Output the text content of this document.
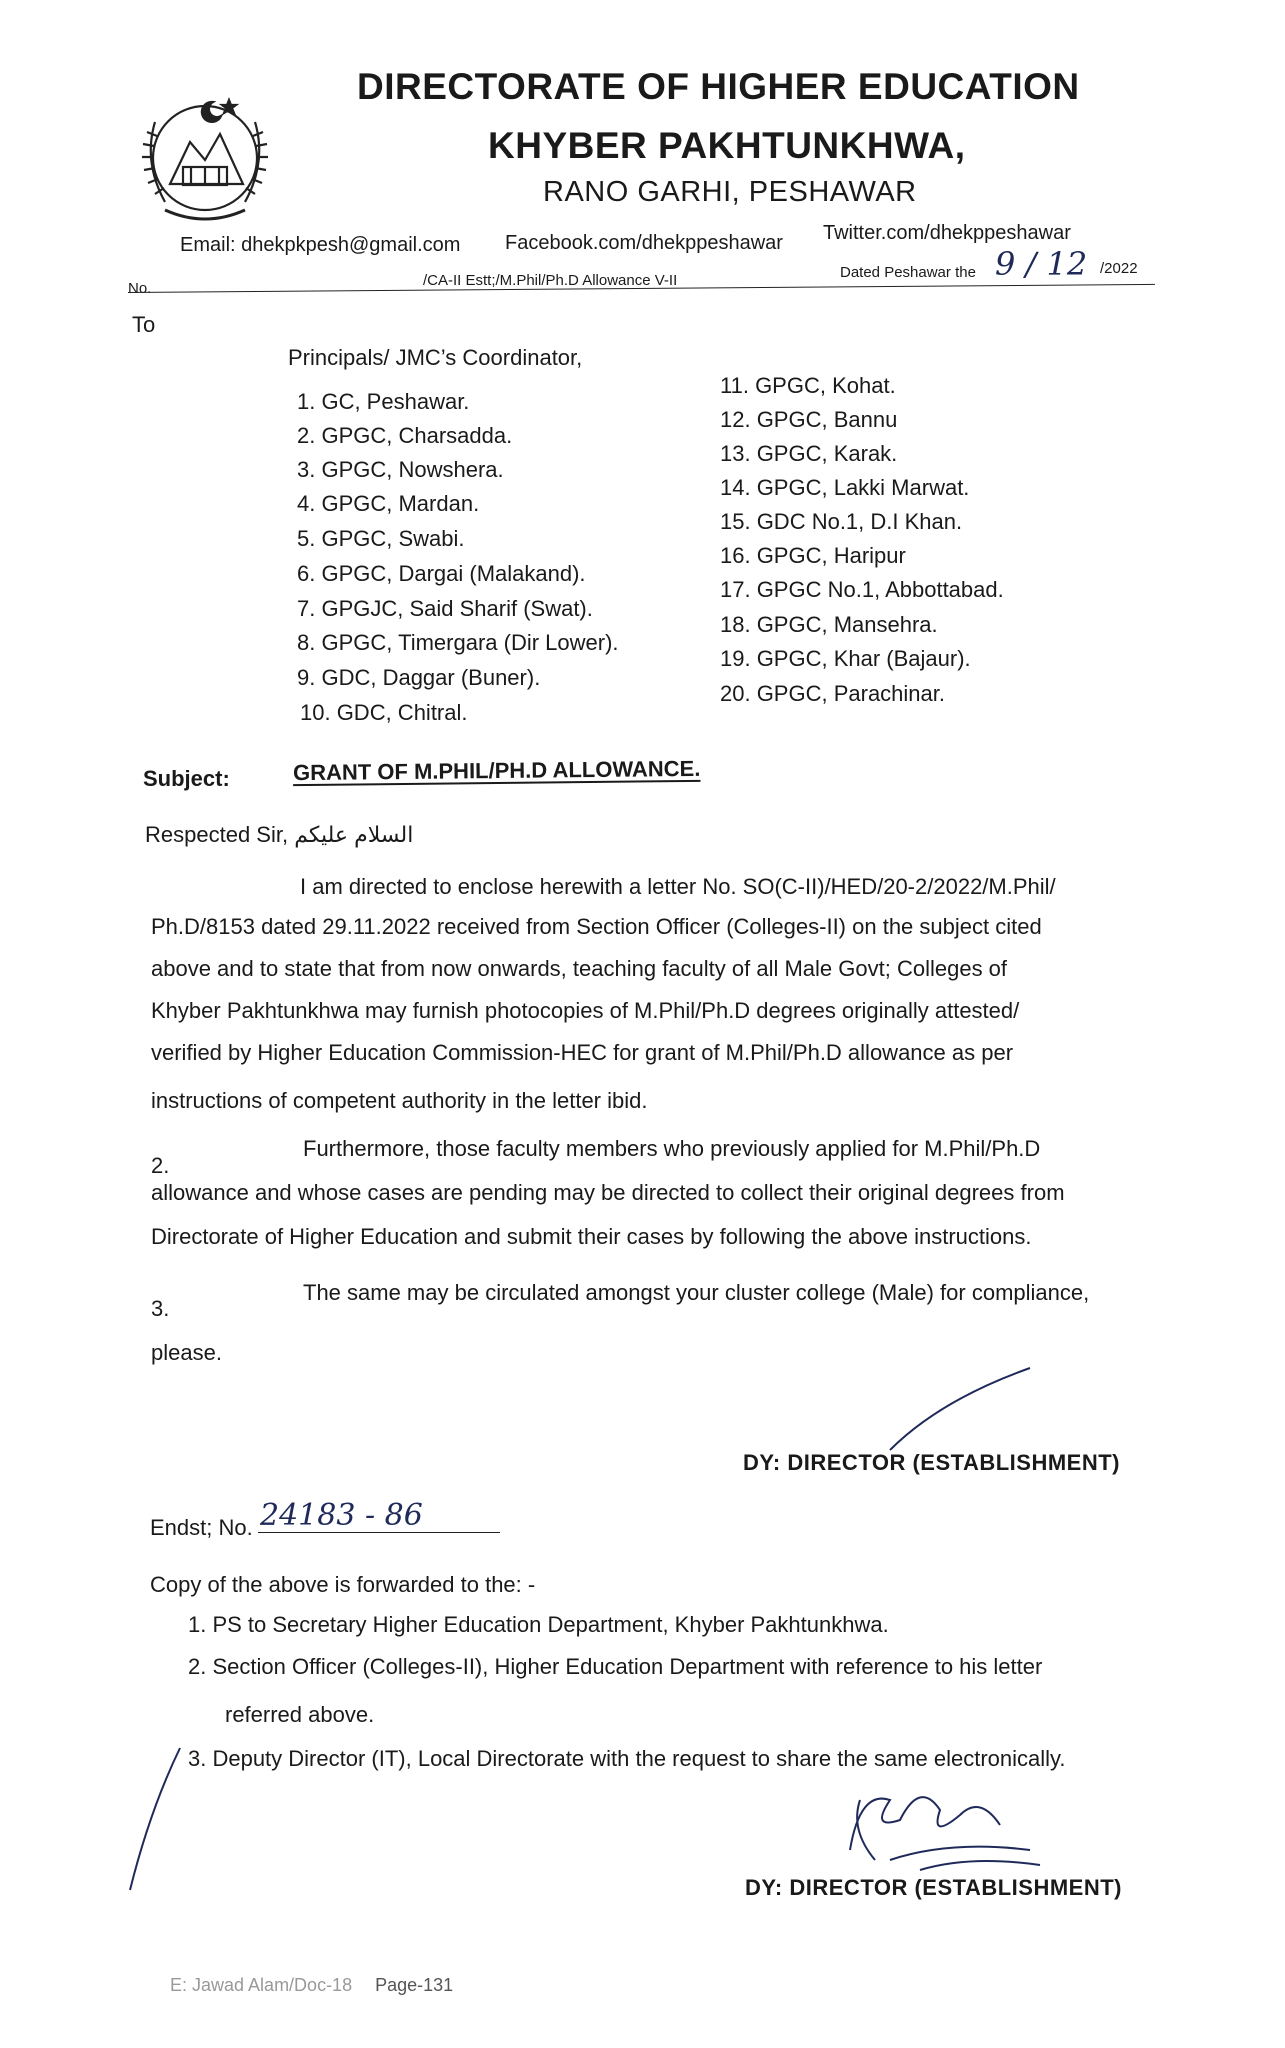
DIRECTORATE OF HIGHER EDUCATION
KHYBER PAKHTUNKHWA,
RANO GARHI, PESHAWAR
Email: dhekpkpesh@gmail.com Facebook.com/dhekppeshawar Twitter.com/dhekppeshawar
No.	/CA-II Estt;/M.Phil/Ph.D Allowance V-II	Dated Peshawar the 9 / 12 /2022
To
Principals/ JMC’s Coordinator,
1. GC, Peshawar.
2. GPGC, Charsadda.
3. GPGC, Nowshera.
4. GPGC, Mardan.
5. GPGC, Swabi.
6. GPGC, Dargai (Malakand).
7. GPGJC, Said Sharif (Swat).
8. GPGC, Timergara (Dir Lower).
9. GDC, Daggar (Buner).
10. GDC, Chitral.
11. GPGC, Kohat.
12. GPGC, Bannu
13. GPGC, Karak.
14. GPGC, Lakki Marwat.
15. GDC No.1, D.I Khan.
16. GPGC, Haripur
17. GPGC No.1, Abbottabad.
18. GPGC, Mansehra.
19. GPGC, Khar (Bajaur).
20. GPGC, Parachinar.
Subject:	GRANT OF M.PHIL/PH.D ALLOWANCE.
Respected Sir, السلام علیکم
I am directed to enclose herewith a letter No. SO(C-II)/HED/20-2/2022/M.Phil/
Ph.D/8153 dated 29.11.2022 received from Section Officer (Colleges-II) on the subject cited
above and to state that from now onwards, teaching faculty of all Male Govt; Colleges of
Khyber Pakhtunkhwa may furnish photocopies of M.Phil/Ph.D degrees originally attested/
verified by Higher Education Commission-HEC for grant of M.Phil/Ph.D allowance as per
instructions of competent authority in the letter ibid.
2.
Furthermore, those faculty members who previously applied for M.Phil/Ph.D
allowance and whose cases are pending may be directed to collect their original degrees from
Directorate of Higher Education and submit their cases by following the above instructions.
3.
The same may be circulated amongst your cluster college (Male) for compliance,
please.
DY: DIRECTOR (ESTABLISHMENT)
Endst; No. 24183 - 86
Copy of the above is forwarded to the: -
1. PS to Secretary Higher Education Department, Khyber Pakhtunkhwa.
2. Section Officer (Colleges-II), Higher Education Department with reference to his letter
referred above.
3. Deputy Director (IT), Local Directorate with the request to share the same electronically.
DY: DIRECTOR (ESTABLISHMENT)
E: Jawad Alam/Doc-18 Page-131
